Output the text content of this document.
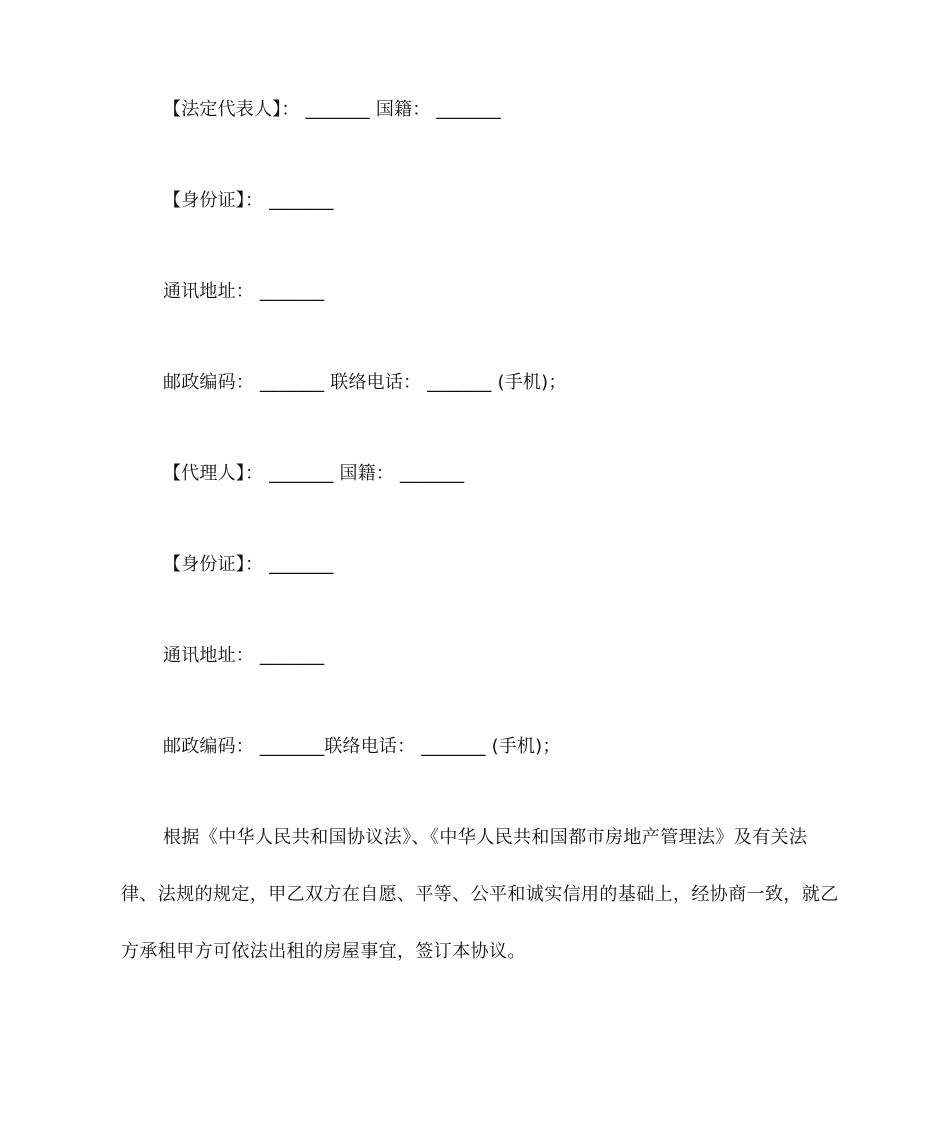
【法定代表人】： _______ 国籍： _______
【身份证】： _______
通讯地址： _______
邮政编码： _______ 联络电话： _______ (手机)；
【代理人】： _______ 国籍： _______
【身份证】： _______
通讯地址： _______
邮政编码： _______联络电话： _______ (手机)；
根据《中华人民共和国协议法》、《中华人民共和国都市房地产管理法》及有关法
律、法规的规定，甲乙双方在自愿、平等、公平和诚实信用的基础上，经协商一致，就乙
方承租甲方可依法出租的房屋事宜，签订本协议。
